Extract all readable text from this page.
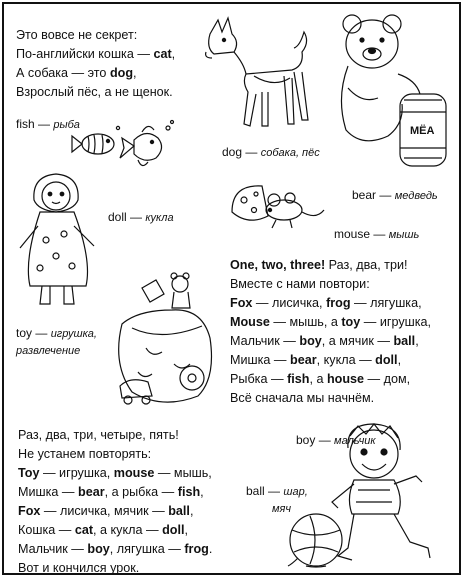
Это вовсе не секрет:
По-английски кошка — cat,
А собака — это dog,
Взрослый пёс, а не щенок.
One, two, three! Раз, два, три!
Вместе с нами повтори:
Fox — лисичка, frog — лягушка,
Mouse — мышь, а toy — игрушка,
Мальчик — boy, а мячик — ball,
Мишка — bear, кукла — doll,
Рыбка — fish, а house — дом,
Всё сначала мы начнём.
Раз, два, три, четыре, пять!
Не устанем повторять:
Toy — игрушка, mouse — мышь,
Мишка — bear, а рыбка — fish,
Fox — лисичка, мячик — ball,
Кошка — cat, а кукла — doll,
Мальчик — boy, лягушка — frog.
Вот и кончился урок.
fish — рыба
dog — собака, пёс
bear — медведь
doll — кукла
mouse — мышь
toy — игрушка,
развлечение
boy — мальчик
ball — шар,
мяч
MËA
